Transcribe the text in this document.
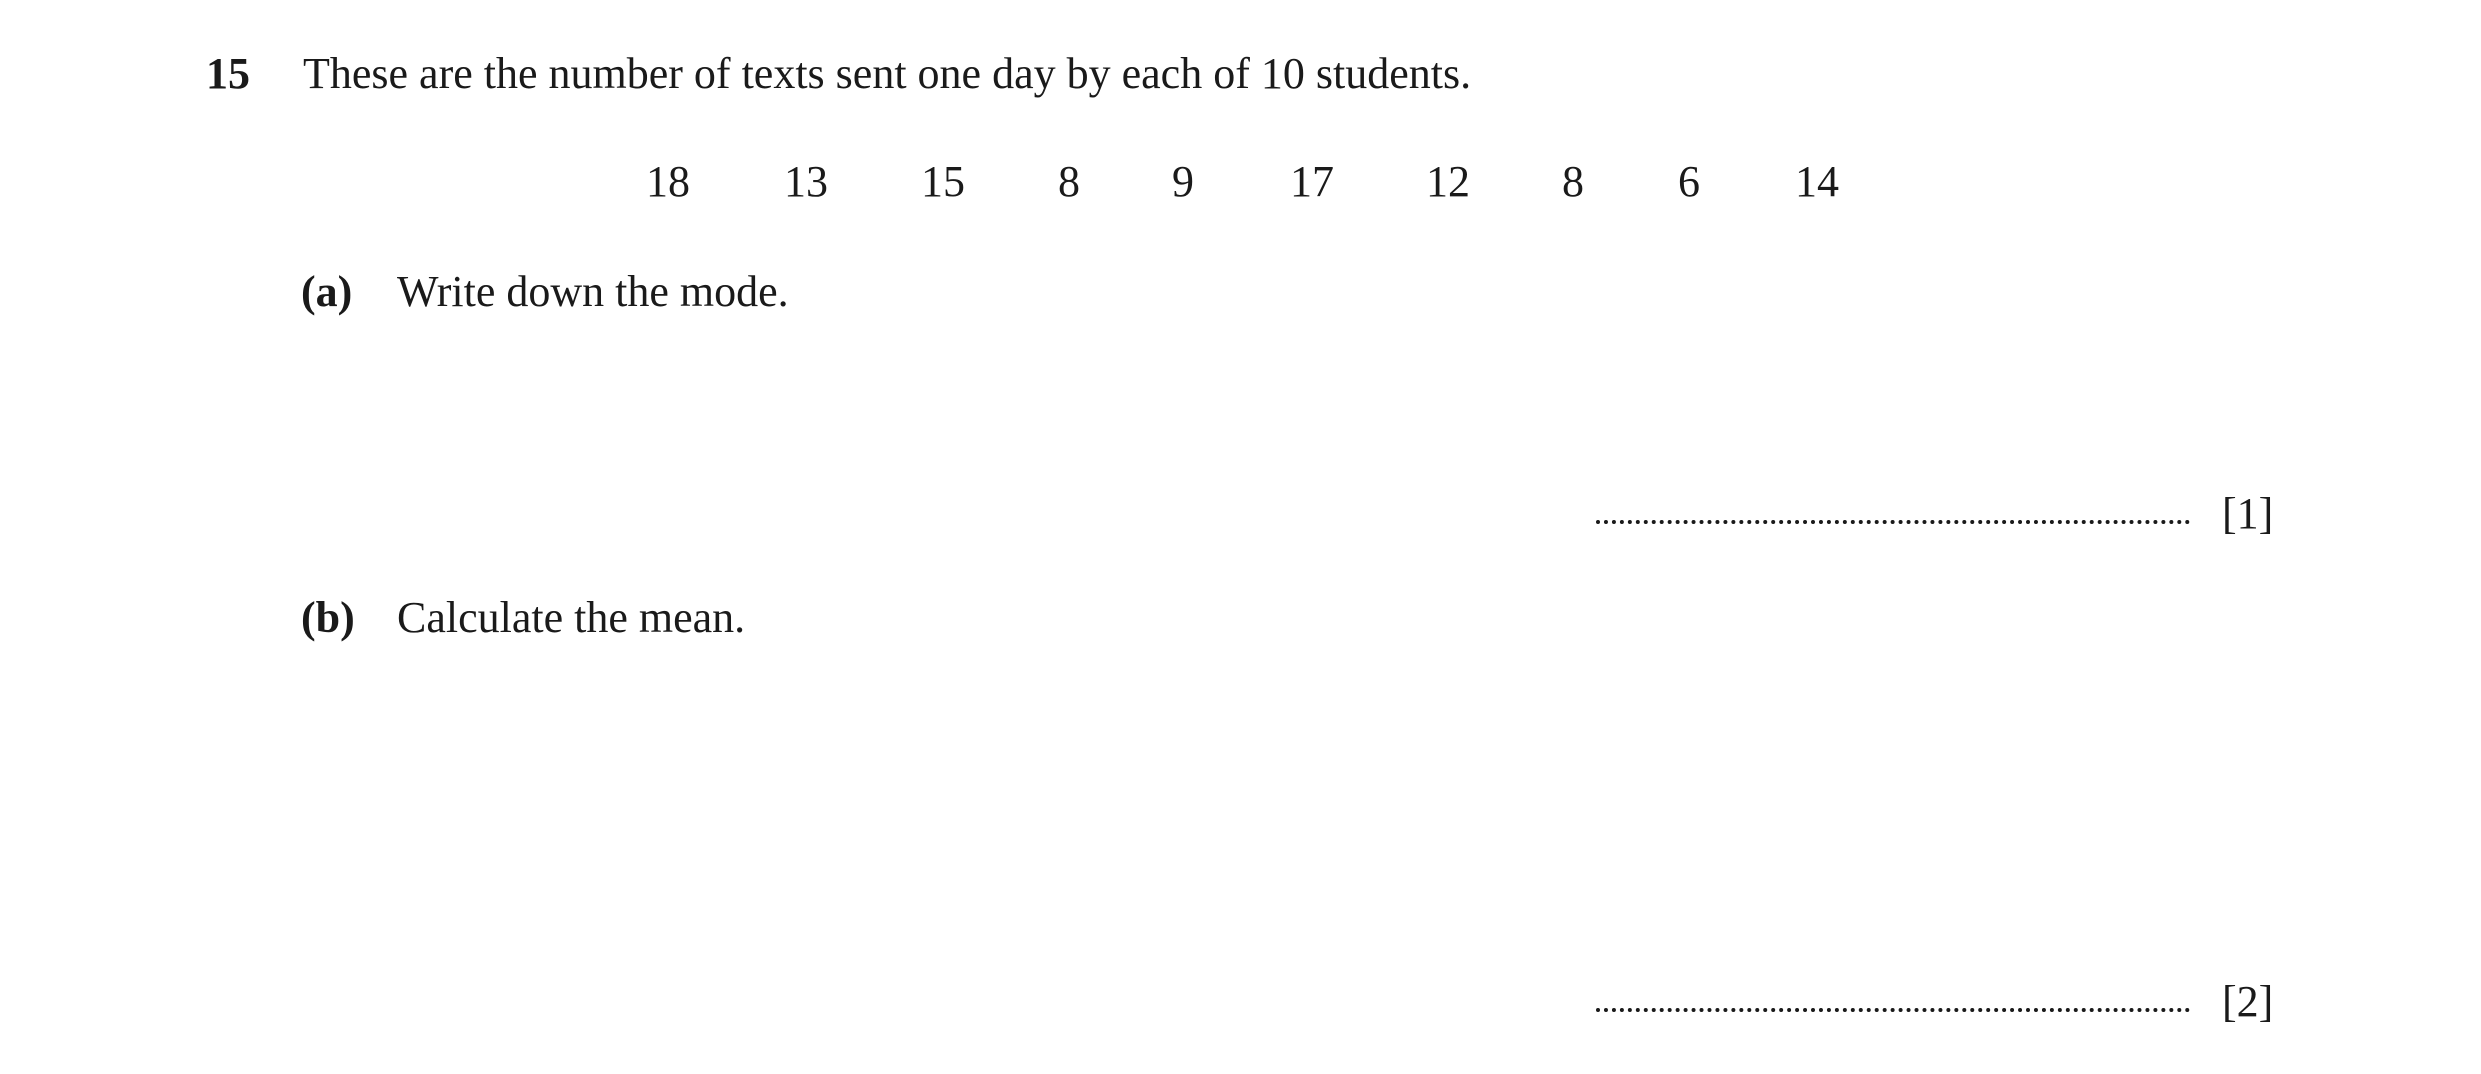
15 These are the number of texts sent one day by each of 10 students.
18 13 15 8 9 17 12 8 6 14
(a) Write down the mode.
[1]
(b) Calculate the mean.
[2]
